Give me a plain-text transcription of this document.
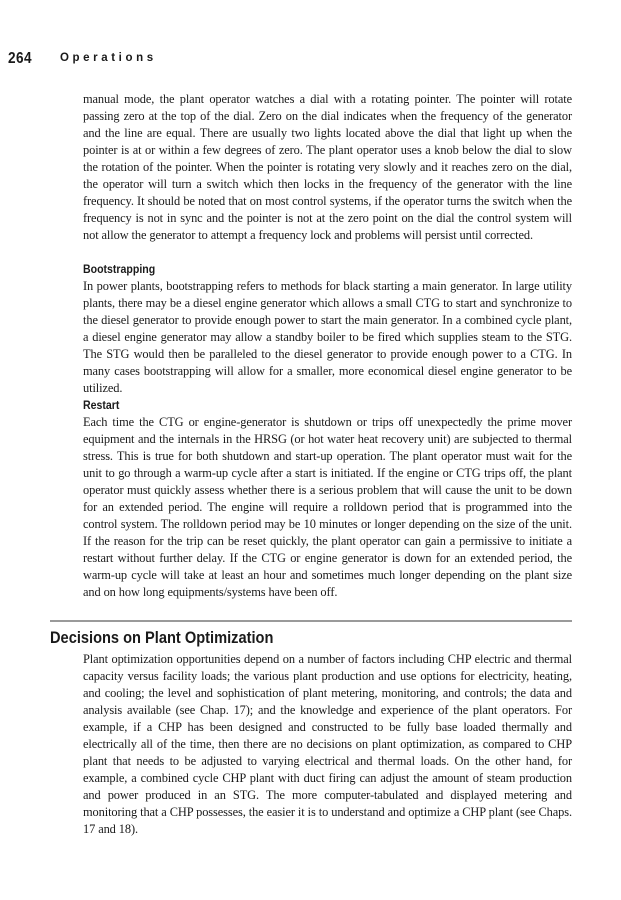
264 Operations

manual mode, the plant operator watches a dial with a rotating pointer. The pointer will rotate passing zero at the top of the dial. Zero on the dial indicates when the frequency of the generator and the line are equal. There are usually two lights located above the dial that light up when the pointer is at or within a few degrees of zero. The plant operator uses a knob below the dial to slow the rotation of the pointer. When the pointer is rotating very slowly and it reaches zero on the dial, the operator will turn a switch which then locks in the frequency of the generator with the line frequency. It should be noted that on most control systems, if the operator turns the switch when the frequency is not in sync and the pointer is not at the zero point on the dial the control system will not allow the generator to attempt a frequency lock and problems will persist until corrected.

Bootstrapping

In power plants, bootstrapping refers to methods for black starting a main generator. In large utility plants, there may be a diesel engine generator which allows a small CTG to start and synchronize to the diesel generator to provide enough power to start the main generator. In a combined cycle plant, a diesel engine generator may allow a standby boiler to be fired which supplies steam to the STG. The STG would then be paralleled to the diesel generator to provide enough power to a CTG. In many cases bootstrapping will allow for a smaller, more economical diesel engine generator to be utilized.

Restart

Each time the CTG or engine-generator is shutdown or trips off unexpectedly the prime mover equipment and the internals in the HRSG (or hot water heat recovery unit) are subjected to thermal stress. This is true for both shutdown and start-up operation. The plant operator must wait for the unit to go through a warm-up cycle after a start is initiated. If the engine or CTG trips off, the plant operator must quickly assess whether there is a serious problem that will cause the unit to be down for an extended period. The engine will require a rolldown period that is programmed into the control system. The rolldown period may be 10 minutes or longer depending on the size of the unit. If the reason for the trip can be reset quickly, the plant operator can gain a permissive to initiate a restart without further delay. If the CTG or engine generator is down for an extended period, the warm-up cycle will take at least an hour and sometimes much longer depending on the plant size and on how long equipments/systems have been off.

Decisions on Plant Optimization

Plant optimization opportunities depend on a number of factors including CHP electric and thermal capacity versus facility loads; the various plant production and use options for electricity, heating, and cooling; the level and sophistication of plant metering, monitoring, and controls; the data and analysis available (see Chap. 17); and the knowledge and experience of the plant operators. For example, if a CHP has been designed and constructed to be fully base loaded thermally and electrically all of the time, then there are no decisions on plant optimization, as compared to CHP plant that needs to be adjusted to varying electrical and thermal loads. On the other hand, for example, a combined cycle CHP plant with duct firing can adjust the amount of steam production and power produced in an STG. The more computer-tabulated and displayed metering and monitoring that a CHP possesses, the easier it is to understand and optimize a CHP plant (see Chaps. 17 and 18).
